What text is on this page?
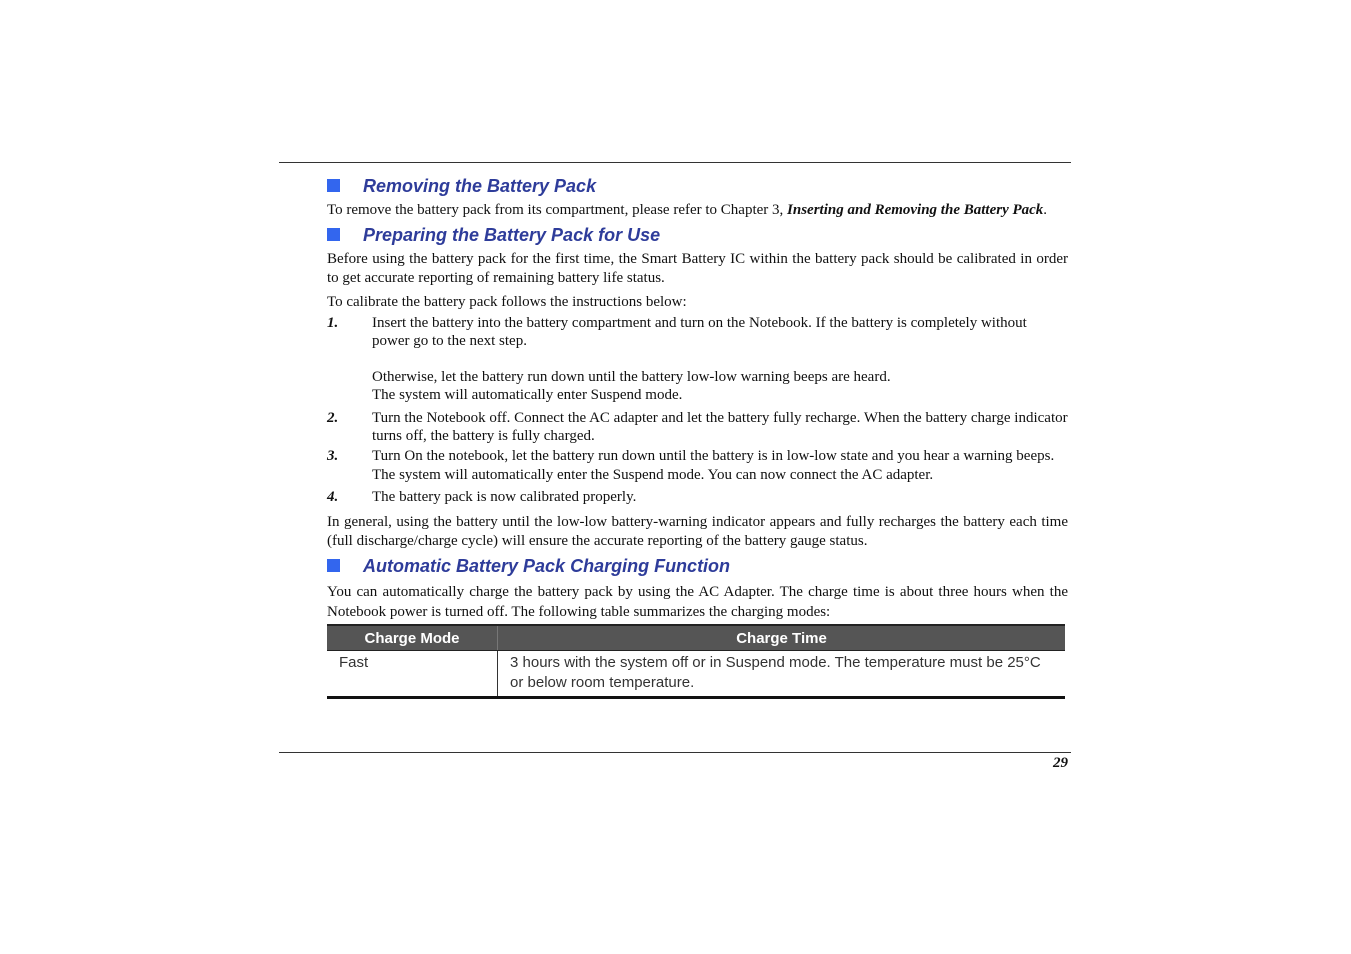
Removing the Battery Pack

To remove the battery pack from its compartment, please refer to Chapter 3, Inserting and Removing the Battery Pack.

Preparing the Battery Pack for Use

Before using the battery pack for the first time, the Smart Battery IC within the battery pack should be calibrated in order to get accurate reporting of remaining battery life status.

To calibrate the battery pack follows the instructions below:

1. Insert the battery into the battery compartment and turn on the Notebook. If the battery is completely without power go to the next step.
Otherwise, let the battery run down until the battery low-low warning beeps are heard.
The system will automatically enter Suspend mode.
2. Turn the Notebook off. Connect the AC adapter and let the battery fully recharge. When the battery charge indicator turns off, the battery is fully charged.
3. Turn On the notebook, let the battery run down until the battery is in low-low state and you hear a warning beeps. The system will automatically enter the Suspend mode. You can now connect the AC adapter.
4. The battery pack is now calibrated properly.

In general, using the battery until the low-low battery-warning indicator appears and fully recharges the battery each time (full discharge/charge cycle) will ensure the accurate reporting of the battery gauge status.

Automatic Battery Pack Charging Function

You can automatically charge the battery pack by using the AC Adapter. The charge time is about three hours when the Notebook power is turned off. The following table summarizes the charging modes:

Charge Mode	Charge Time
Fast	3 hours with the system off or in Suspend mode. The temperature must be 25°C or below room temperature.
29
